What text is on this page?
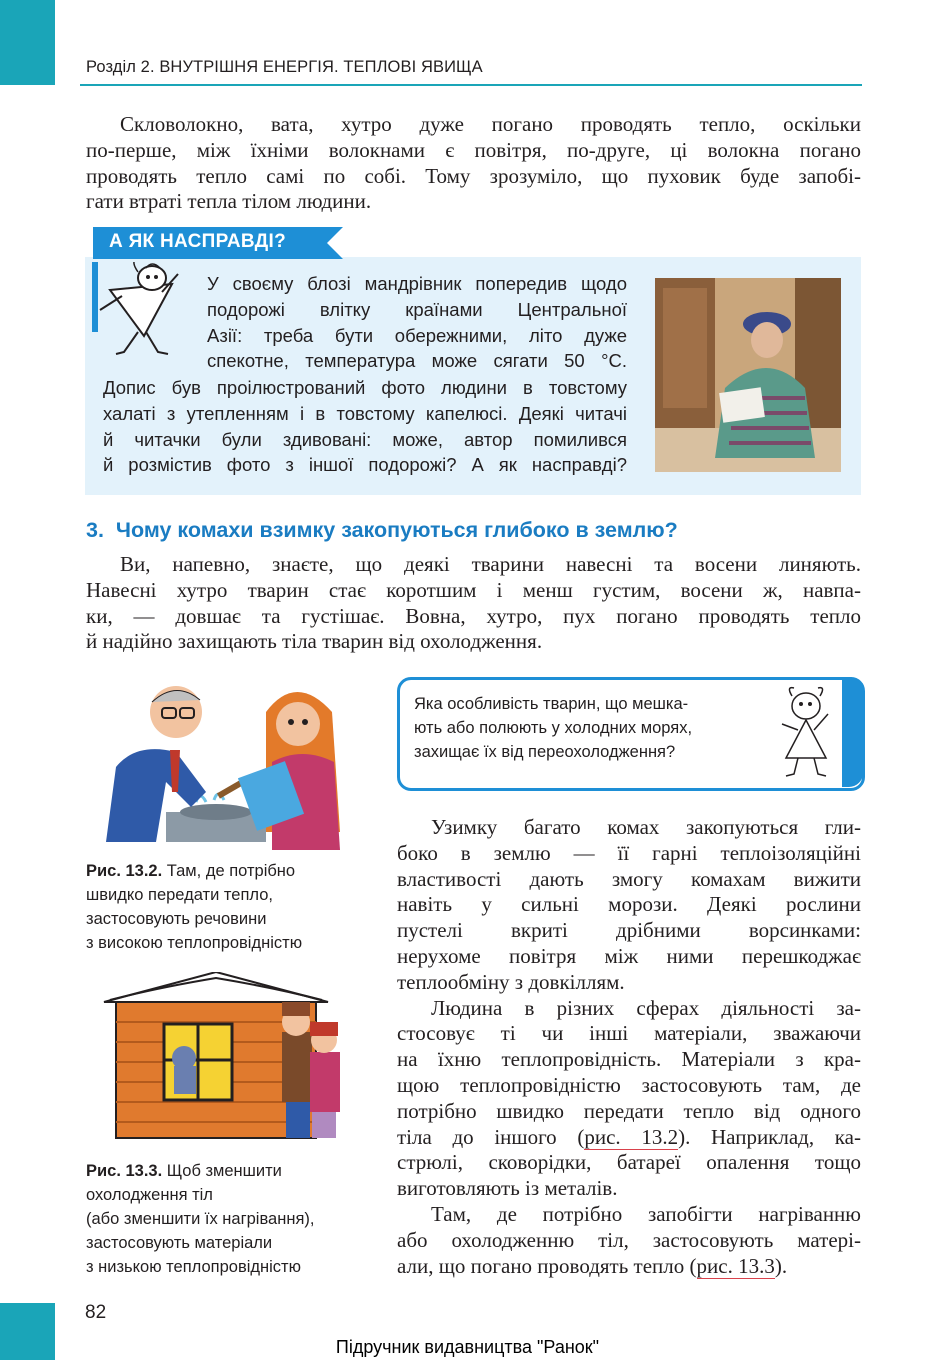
Розділ 2. ВНУТРІШНЯ ЕНЕРГІЯ. ТЕПЛОВІ ЯВИЩА
Скловолокно, вата, хутро дуже погано проводять тепло, оскільки
по-перше, між їхніми волокнами є повітря, по-друге, ці волокна погано
проводять тепло самі по собі. Тому зрозуміло, що пуховик буде запобі-
гати втраті тепла тілом людини.
А ЯК НАСПРАВДІ?
У своєму блозі мандрівник попередив щодо
подорожі влітку країнами Центральної
Азії: треба бути обережними, літо дуже
спекотне, температура може сягати 50 °С.
Допис був проілюстрований фото людини в товстому
халаті з утепленням і в товстому капелюсі. Деякі читачі
й читачки були здивовані: може, автор помилився
й розмістив фото з іншої подорожі? А як насправді?
3. Чому комахи взимку закопуються глибоко в землю?
Ви, напевно, знаєте, що деякі тварини навесні та восени линяють.
Навесні хутро тварин стає коротшим і менш густим, восени ж, навпа-
ки, — довшає та густішає. Вовна, хутро, пух погано проводять тепло
й надійно захищають тіла тварин від охолодження.
Рис. 13.2. Там, де потрібно
швидко передати тепло,
застосовують речовини
з високою теплопровідністю
Рис. 13.3. Щоб зменшити
охолодження тіл
(або зменшити їх нагрівання),
застосовують матеріали
з низькою теплопровідністю
Яка особливість тварин, що мешка-
ють або полюють у холодних морях,
захищає їх від переохолодження?
Узимку багато комах закопуються гли-
боко в землю — її гарні теплоізоляційні
властивості дають змогу комахам вижити
навіть у сильні морози. Деякі рослини
пустелі вкриті дрібними ворсинками:
нерухоме повітря між ними перешкоджає
теплообміну з довкіллям.
Людина в різних сферах діяльності за-
стосовує ті чи інші матеріали, зважаючи
на їхню теплопровідність. Матеріали з кра-
щою теплопровідністю застосовують там, де
потрібно швидко передати тепло від одного
тіла до іншого (рис. 13.2). Наприклад, ка-
стрюлі, сковорідки, батареї опалення тощо
виготовляють із металів.
Там, де потрібно запобігти нагріванню
або охолодженню тіл, застосовують матері-
али, що погано проводять тепло (рис. 13.3).
82
Підручник видавництва "Ранок"
